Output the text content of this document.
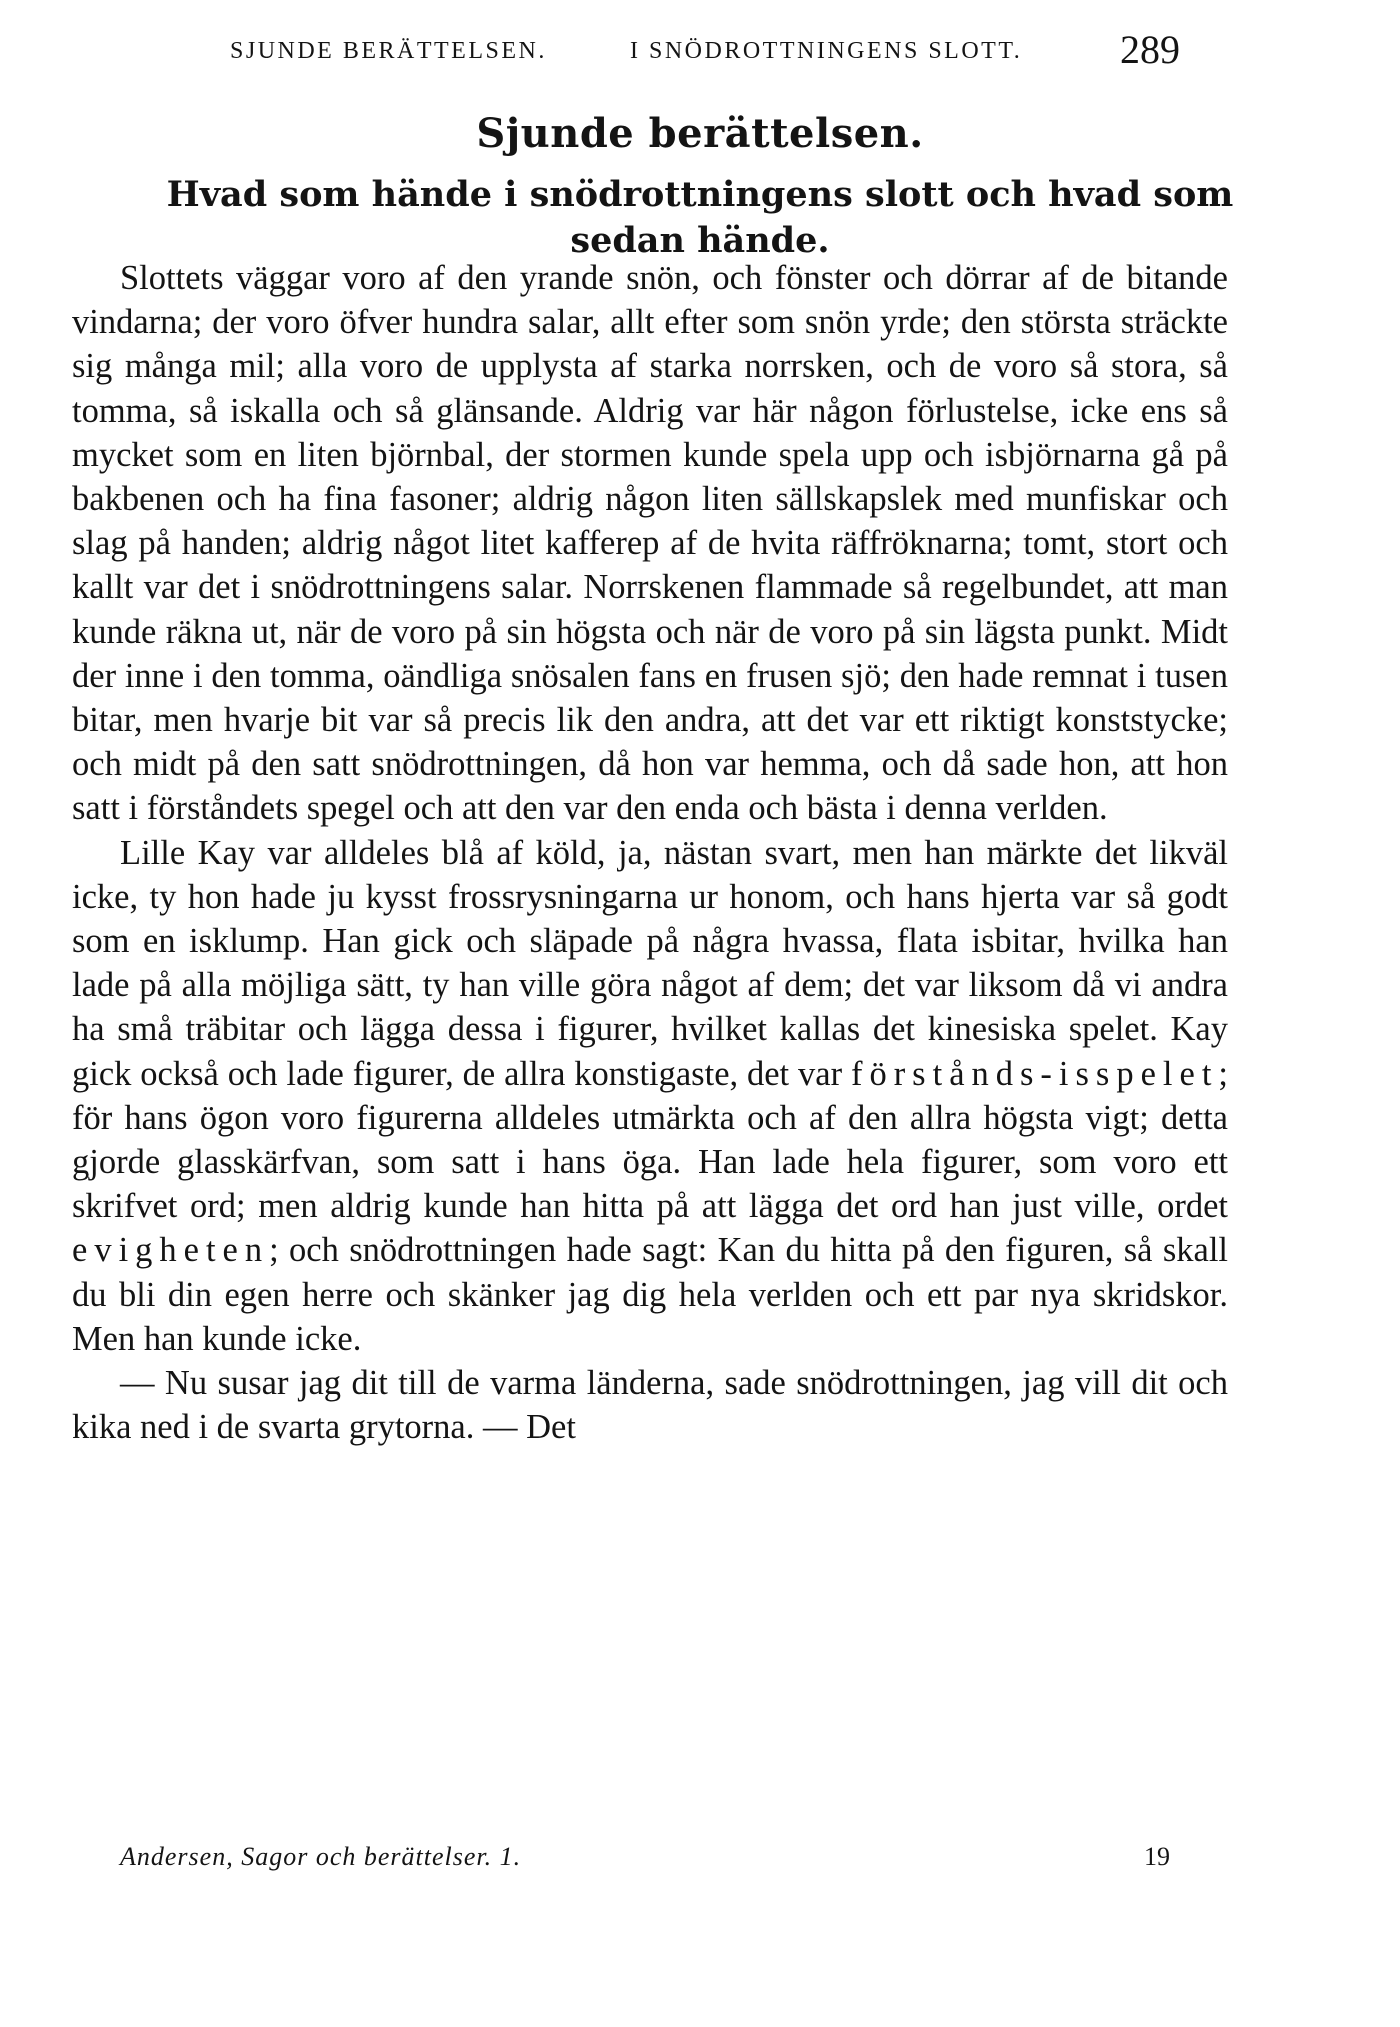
SJUNDE BERÄTTELSEN.	I SNÖDROTTNINGENS SLOTT. 289
Sjunde berättelsen.
Hvad som hände i snödrottningens slott och hvad som sedan hände.

Slottets väggar voro af den yrande snön, och fönster och dörrar af de bitande vindarna; der voro öfver hundra salar, allt efter som snön yrde; den största sträckte sig många mil; alla voro de upplysta af starka norrsken, och de voro så stora, så tomma, så iskalla och så glänsande. Aldrig var här någon förlustelse, icke ens så mycket som en liten björnbal, der stormen kunde spela upp och isbjörnarna gå på bakbenen och ha fina fasoner; aldrig någon liten sällskapslek med munfiskar och slag på handen; aldrig något litet kafferep af de hvita räffröknarna; tomt, stort och kallt var det i snödrottningens salar. Norrskenen flammade så regelbundet, att man kunde räkna ut, när de voro på sin högsta och när de voro på sin lägsta punkt. Midt der inne i den tomma, oändliga snösalen fans en frusen sjö; den hade remnat i tusen bitar, men hvarje bit var så precis lik den andra, att det var ett riktigt konststycke; och midt på den satt snödrottningen, då hon var hemma, och då sade hon, att hon satt i förståndets spegel och att den var den enda och bästa i denna verlden.

Lille Kay var alldeles blå af köld, ja, nästan svart, men han märkte det likväl icke, ty hon hade ju kysst frossrysningarna ur honom, och hans hjerta var så godt som en isklump. Han gick och släpade på några hvassa, flata isbitar, hvilka han lade på alla möjliga sätt, ty han ville göra något af dem; det var liksom då vi andra ha små träbitar och lägga dessa i figurer, hvilket kallas det kinesiska spelet. Kay gick också och lade figurer, de allra konstigaste, det var förstånds-isspelet; för hans ögon voro figurerna alldeles utmärkta och af den allra högsta vigt; detta gjorde glasskärfvan, som satt i hans öga. Han lade hela figurer, som voro ett skrifvet ord; men aldrig kunde han hitta på att lägga det ord han just ville, ordet evigheten; och snödrottningen hade sagt: Kan du hitta på den figuren, så skall du bli din egen herre och skänker jag dig hela verlden och ett par nya skridskor. Men han kunde icke.

— Nu susar jag dit till de varma länderna, sade snödrottningen, jag vill dit och kika ned i de svarta grytorna. — Det

Andersen, Sagor och berättelser. 1.	19
